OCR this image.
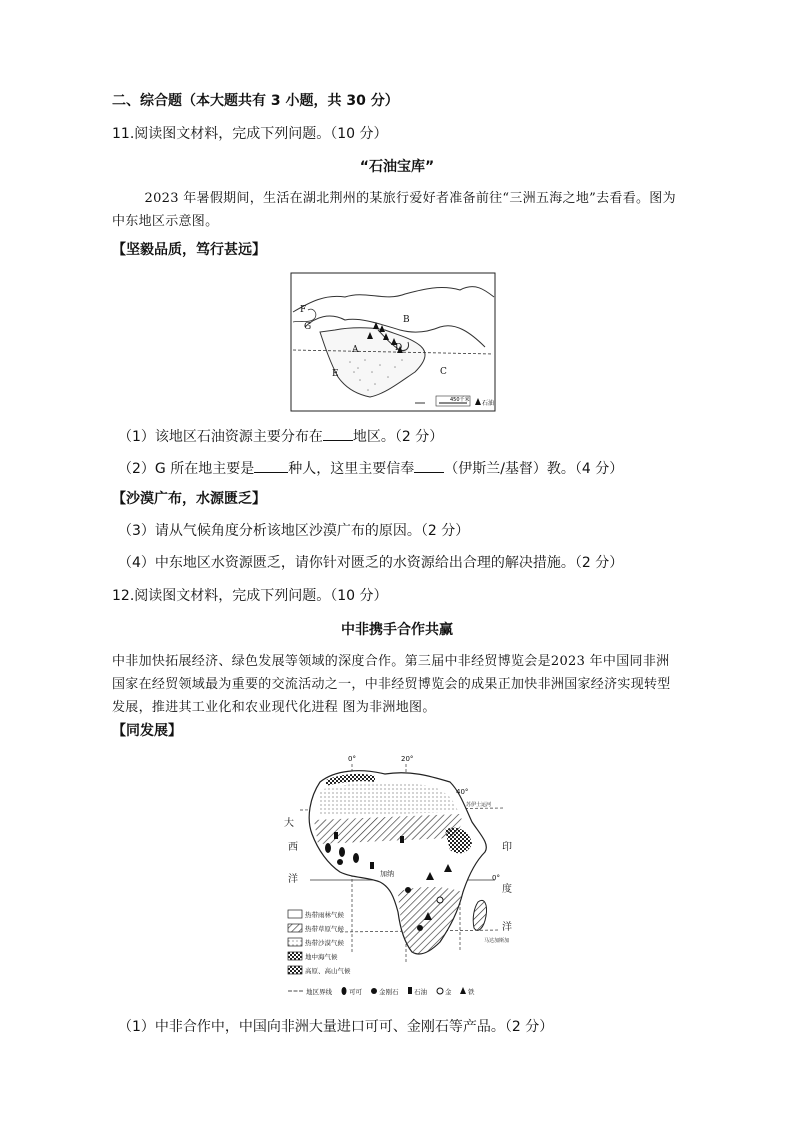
二、综合题（本大题共有 3 小题，共 30 分）
11.阅读图文材料，完成下列问题。（10 分）
“石油宝库”
2023 年暑假期间，生活在湖北荆州的某旅行爱好者准备前往“三洲五海之地”去看看。图为中东地区示意图。
【坚毅品质，笃行甚远】
F
G
B
A	D
E	C
450千米 石油
（1）该地区石油资源主要分布在 地区。（2 分）
（2）G 所在地主要是 种人，这里主要信奉 （伊斯兰/基督）教。（4 分）
【沙漠广布，水源匮乏】
（3）请从气候角度分析该地区沙漠广布的原因。（2 分）
（4）中东地区水资源匮乏，请你针对匮乏的水资源给出合理的解决措施。（2 分）
12.阅读图文材料，完成下列问题。（10 分）
中非携手合作共赢
中非加快拓展经济、绿色发展等领域的深度合作。第三届中非经贸博览会是2023 年中国同非洲国家在经贸领域最为重要的交流活动之一，中非经贸博览会的成果正加快非洲国家经济实现转型发展，推进其工业化和农业现代化进程 图为非洲地图。
【同发展】
0°	20°
40°
0°
加纳
苏伊士运河
马达加斯加
大
西
洋
印
度
洋
热带雨林气候
热带草原气候
热带沙漠气候
地中海气候
高原、高山气候
地区界线	可可	金刚石 石油	金	铁
（1）中非合作中，中国向非洲大量进口可可、金刚石等产品。（2 分）
